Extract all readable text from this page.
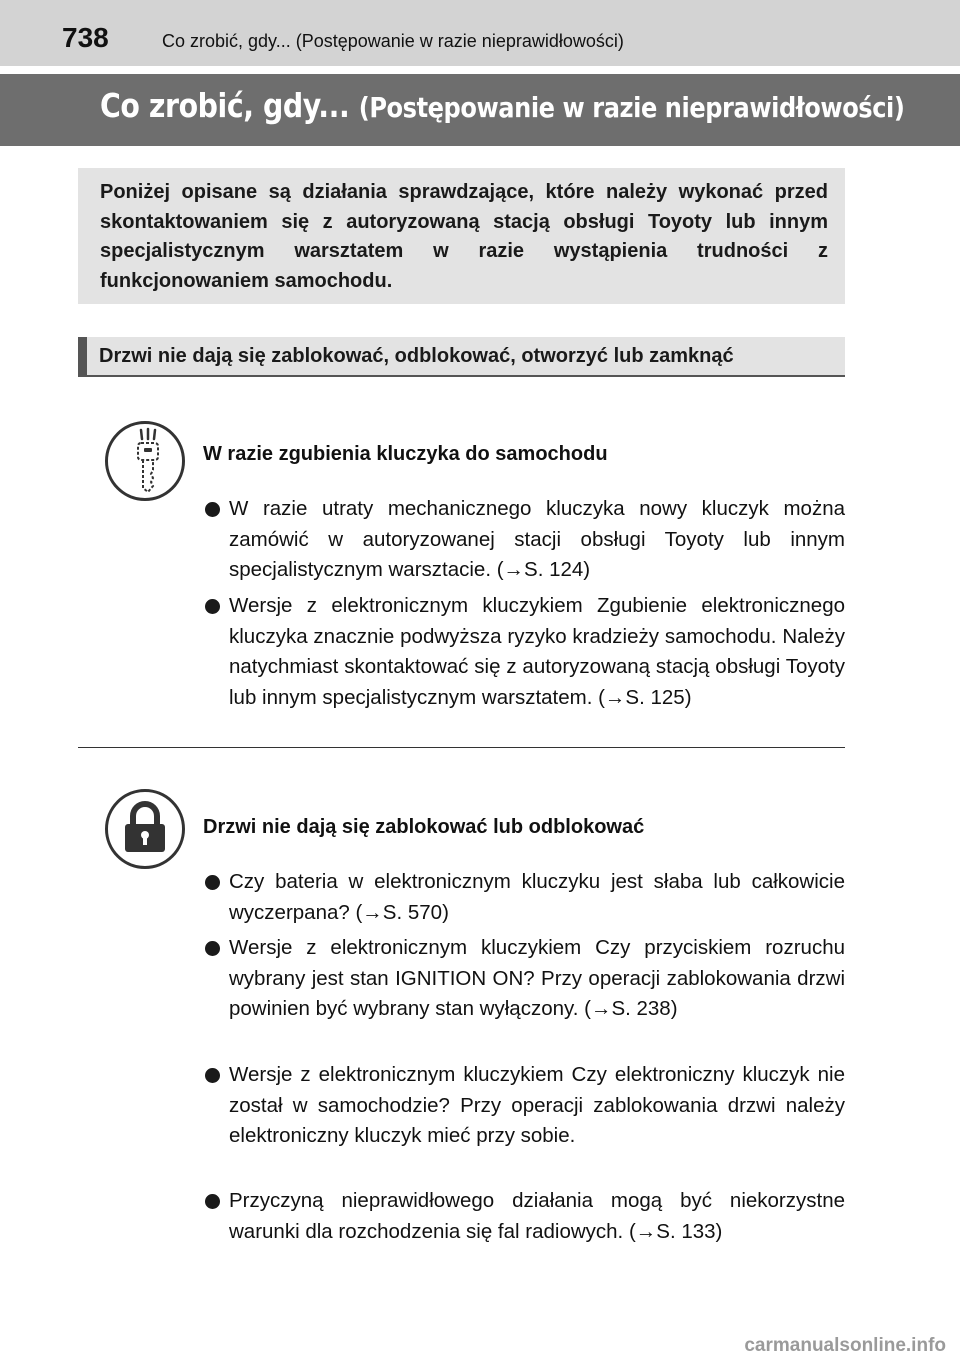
738	Co zrobić, gdy... (Postępowanie w razie nieprawidłowości)
Co zrobić, gdy... (Postępowanie w razie nieprawidłowości)
Poniżej opisane są działania sprawdzające, które należy wykonać przed skontaktowaniem się z autoryzowaną stacją obsługi Toyoty lub innym specjalistycznym warsztatem w razie wystąpienia trudności z funkcjonowaniem samochodu.
Drzwi nie dają się zablokować, odblokować, otworzyć lub zamknąć
W razie zgubienia kluczyka do samochodu
W razie utraty mechanicznego kluczyka nowy kluczyk można zamówić w autoryzowanej stacji obsługi Toyoty lub innym specjalistycznym warsztacie. (→S. 124)
Wersje z elektronicznym kluczykiem Zgubienie elektronicznego kluczyka znacznie podwyższa ryzyko kradzieży samochodu. Należy natychmiast skontaktować się z autoryzowaną stacją obsługi Toyoty lub innym specjalistycznym warsztatem. (→S. 125)
Drzwi nie dają się zablokować lub odblokować
Czy bateria w elektronicznym kluczyku jest słaba lub całkowicie wyczerpana? (→S. 570)
Wersje z elektronicznym kluczykiem Czy przyciskiem rozruchu wybrany jest stan IGNITION ON? Przy operacji zablokowania drzwi powinien być wybrany stan wyłączony. (→S. 238)
Wersje z elektronicznym kluczykiem Czy elektroniczny kluczyk nie został w samochodzie? Przy operacji zablokowania drzwi należy elektroniczny kluczyk mieć przy sobie.
Przyczyną nieprawidłowego działania mogą być niekorzystne warunki dla rozchodzenia się fal radiowych. (→S. 133)
carmanualsonline.info
